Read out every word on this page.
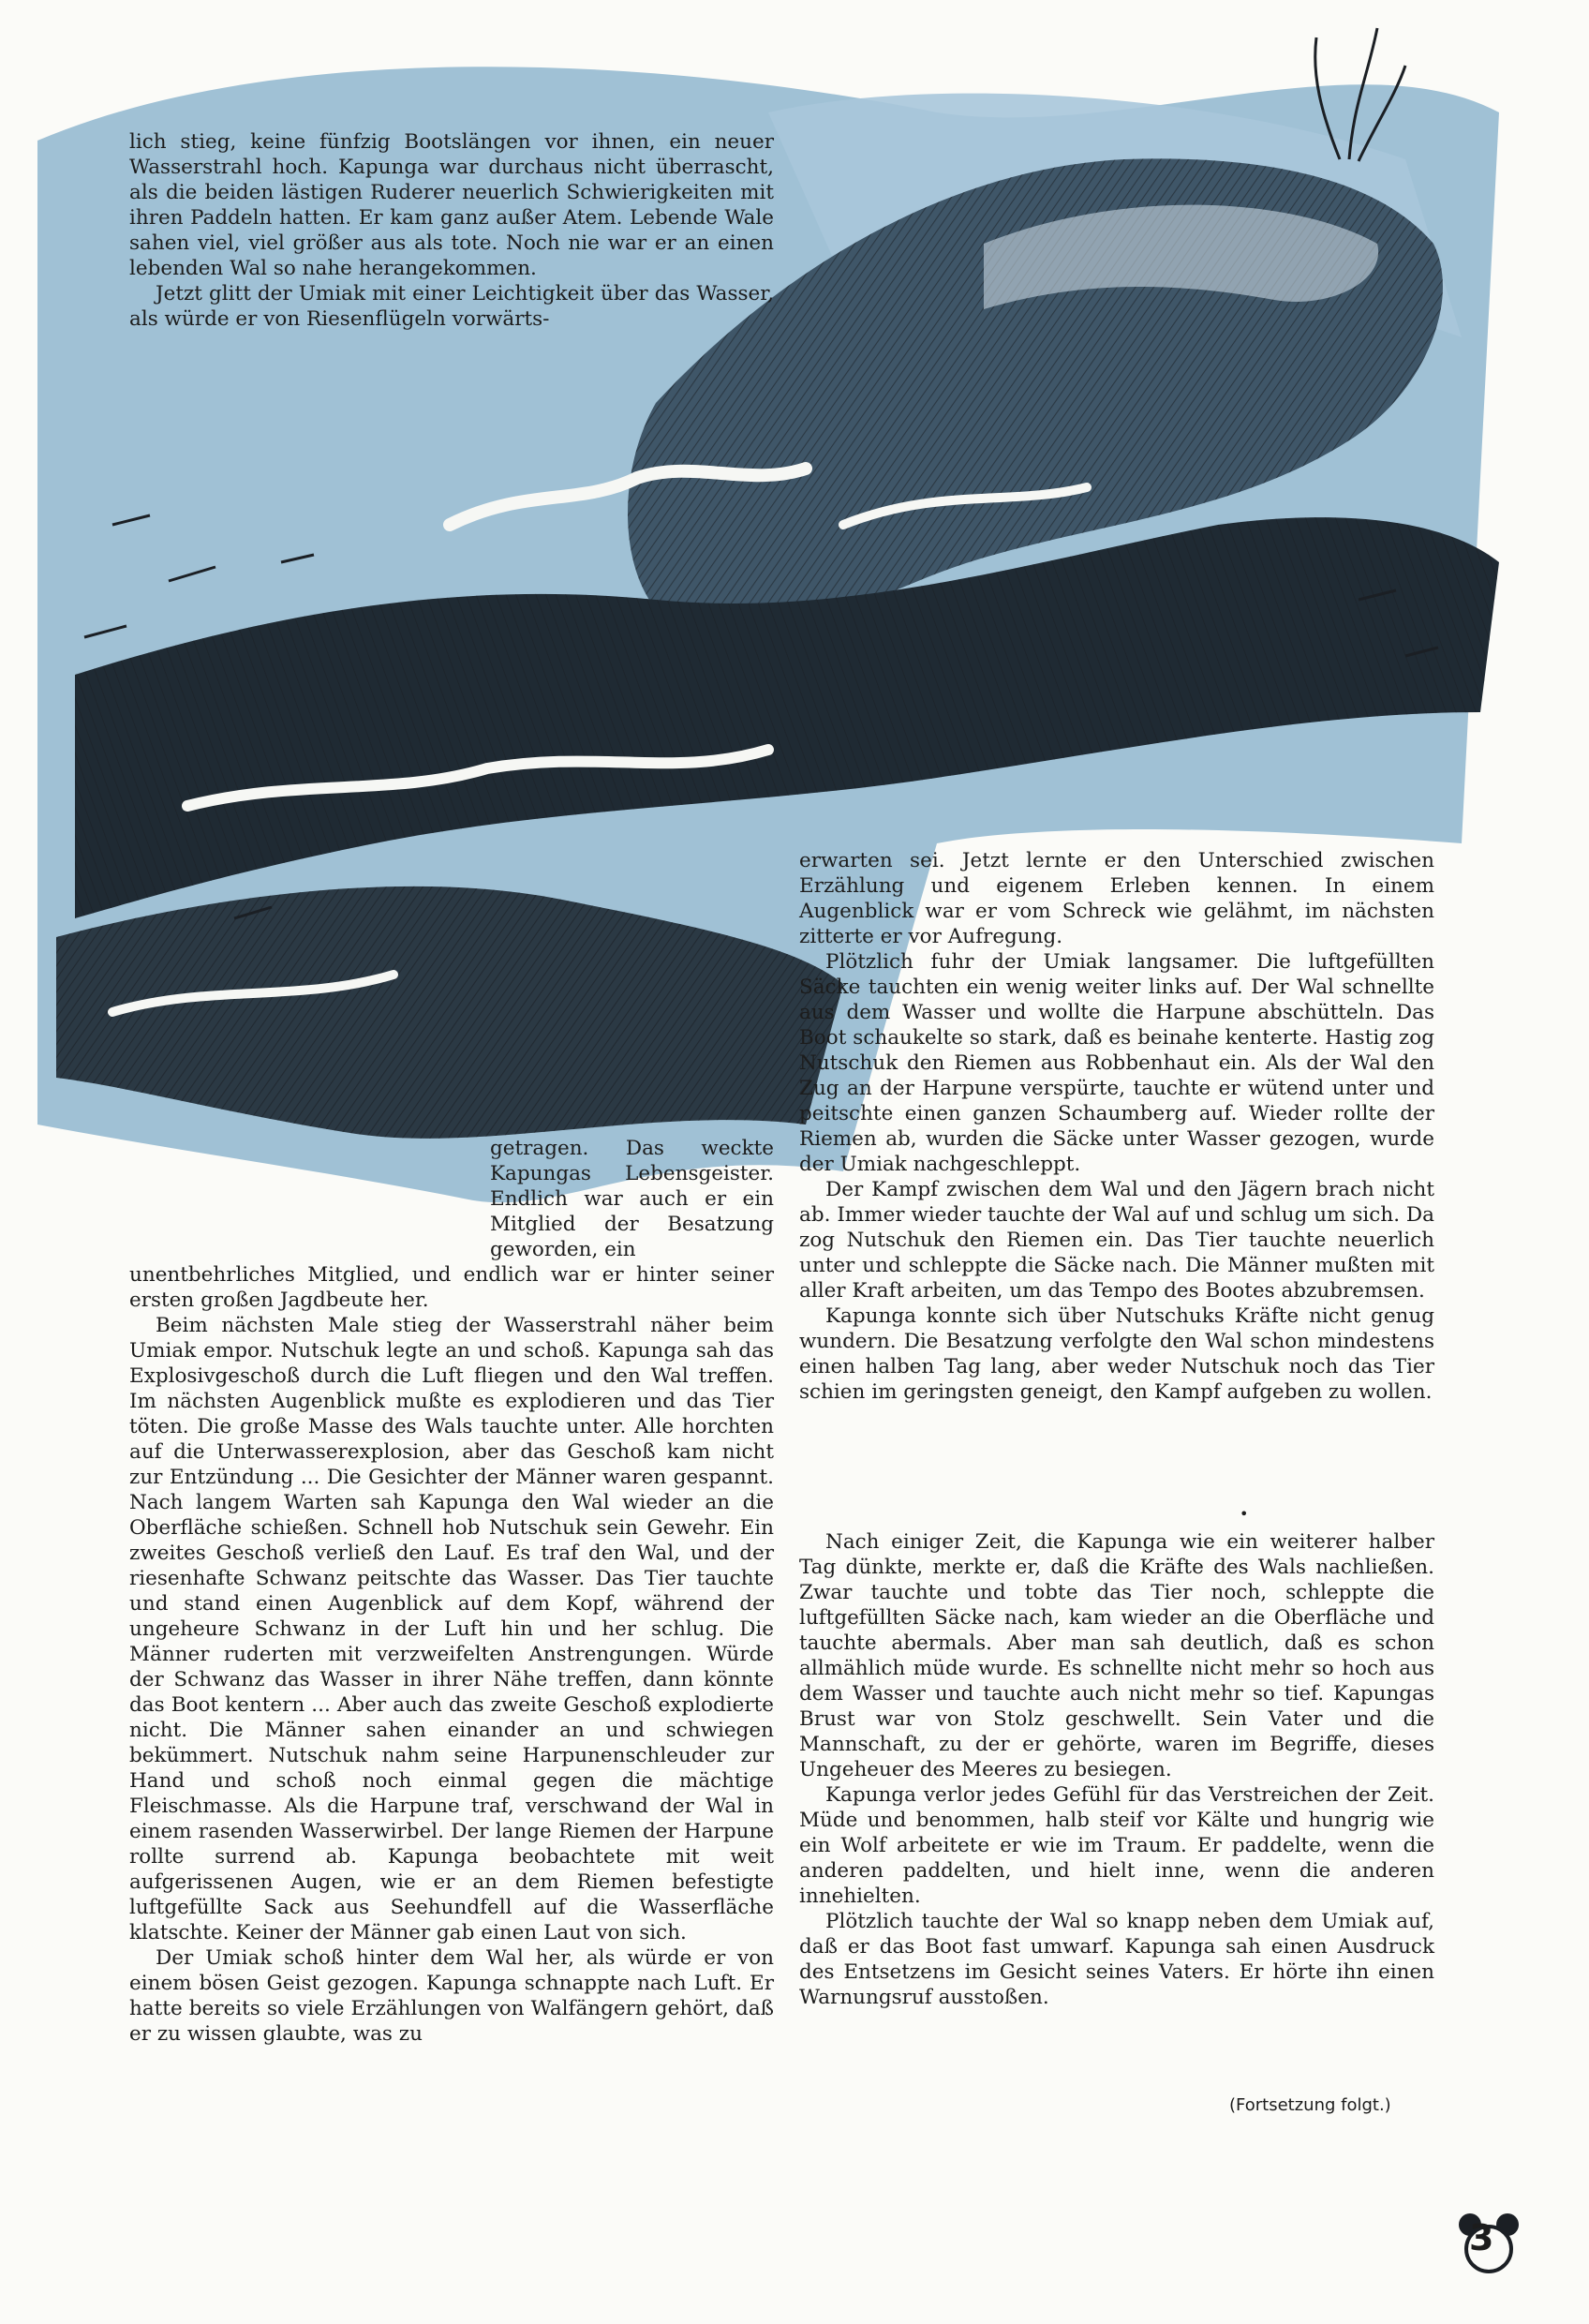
lich stieg, keine fünfzig Bootslängen vor ihnen, ein neuer Wasserstrahl hoch. Kapunga war durchaus nicht überrascht, als die beiden lästigen Ruderer neuerlich Schwierigkeiten mit ihren Paddeln hatten. Er kam ganz außer Atem. Lebende Wale sahen viel, viel größer aus als tote. Noch nie war er an einen lebenden Wal so nahe herangekommen.

Jetzt glitt der Umiak mit einer Leichtigkeit über das Wasser, als würde er von Riesenflügeln vorwärts-

erwarten sei. Jetzt lernte er den Unterschied zwischen Erzählung und eigenem Erleben kennen. In einem Augenblick war er vom Schreck wie gelähmt, im nächsten zitterte er vor Aufregung.

Plötzlich fuhr der Umiak langsamer. Die luftgefüllten Säcke tauchten ein wenig weiter links auf. Der Wal schnellte aus dem Wasser und wollte die Harpune abschütteln. Das Boot schaukelte so stark, daß es beinahe kenterte. Hastig zog Nutschuk den Riemen aus Robbenhaut ein. Als der Wal den Zug an der Harpune verspürte, tauchte er wütend unter und peitschte einen ganzen Schaumberg auf. Wieder rollte der Riemen ab, wurden die Säcke unter Wasser gezogen, wurde der Umiak nachgeschleppt.

Der Kampf zwischen dem Wal und den Jägern brach nicht ab. Immer wieder tauchte der Wal auf und schlug um sich. Da zog Nutschuk den Riemen ein. Das Tier tauchte neuerlich unter und schleppte die Säcke nach. Die Männer mußten mit aller Kraft arbeiten, um das Tempo des Bootes abzubremsen.

Kapunga konnte sich über Nutschuks Kräfte nicht genug wundern. Die Besatzung verfolgte den Wal schon mindestens einen halben Tag lang, aber weder Nutschuk noch das Tier schien im geringsten geneigt, den Kampf aufgeben zu wollen.

getragen. Das weckte Kapungas Lebensgeister. Endlich war auch er ein Mitglied der Besatzung geworden, ein

unentbehrliches Mitglied, und endlich war er hinter seiner ersten großen Jagdbeute her.

Beim nächsten Male stieg der Wasserstrahl näher beim Umiak empor. Nutschuk legte an und schoß. Kapunga sah das Explosivgeschoß durch die Luft fliegen und den Wal treffen. Im nächsten Augenblick mußte es explodieren und das Tier töten. Die große Masse des Wals tauchte unter. Alle horchten auf die Unterwasserexplosion, aber das Geschoß kam nicht zur Entzündung ... Die Gesichter der Männer waren gespannt. Nach langem Warten sah Kapunga den Wal wieder an die Oberfläche schießen. Schnell hob Nutschuk sein Gewehr. Ein zweites Geschoß verließ den Lauf. Es traf den Wal, und der riesenhafte Schwanz peitschte das Wasser. Das Tier tauchte und stand einen Augenblick auf dem Kopf, während der ungeheure Schwanz in der Luft hin und her schlug. Die Männer ruderten mit verzweifelten Anstrengungen. Würde der Schwanz das Wasser in ihrer Nähe treffen, dann könnte das Boot kentern ... Aber auch das zweite Geschoß explodierte nicht. Die Männer sahen einander an und schwiegen bekümmert. Nutschuk nahm seine Harpunenschleuder zur Hand und schoß noch einmal gegen die mächtige Fleischmasse. Als die Harpune traf, verschwand der Wal in einem rasenden Wasserwirbel. Der lange Riemen der Harpune rollte surrend ab. Kapunga beobachtete mit weit aufgerissenen Augen, wie er an dem Riemen befestigte luftgefüllte Sack aus Seehundfell auf die Wasserfläche klatschte. Keiner der Männer gab einen Laut von sich.

Der Umiak schoß hinter dem Wal her, als würde er von einem bösen Geist gezogen. Kapunga schnappte nach Luft. Er hatte bereits so viele Erzählungen von Walfängern gehört, daß er zu wissen glaubte, was zu

•

Nach einiger Zeit, die Kapunga wie ein weiterer halber Tag dünkte, merkte er, daß die Kräfte des Wals nachließen. Zwar tauchte und tobte das Tier noch, schleppte die luftgefüllten Säcke nach, kam wieder an die Oberfläche und tauchte abermals. Aber man sah deutlich, daß es schon allmählich müde wurde. Es schnellte nicht mehr so hoch aus dem Wasser und tauchte auch nicht mehr so tief. Kapungas Brust war von Stolz geschwellt. Sein Vater und die Mannschaft, zu der er gehörte, waren im Begriffe, dieses Ungeheuer des Meeres zu besiegen.

Kapunga verlor jedes Gefühl für das Verstreichen der Zeit. Müde und benommen, halb steif vor Kälte und hungrig wie ein Wolf arbeitete er wie im Traum. Er paddelte, wenn die anderen paddelten, und hielt inne, wenn die anderen innehielten.

Plötzlich tauchte der Wal so knapp neben dem Umiak auf, daß er das Boot fast umwarf. Kapunga sah einen Ausdruck des Entsetzens im Gesicht seines Vaters. Er hörte ihn einen Warnungsruf ausstoßen.

(Fortsetzung folgt.)
3
